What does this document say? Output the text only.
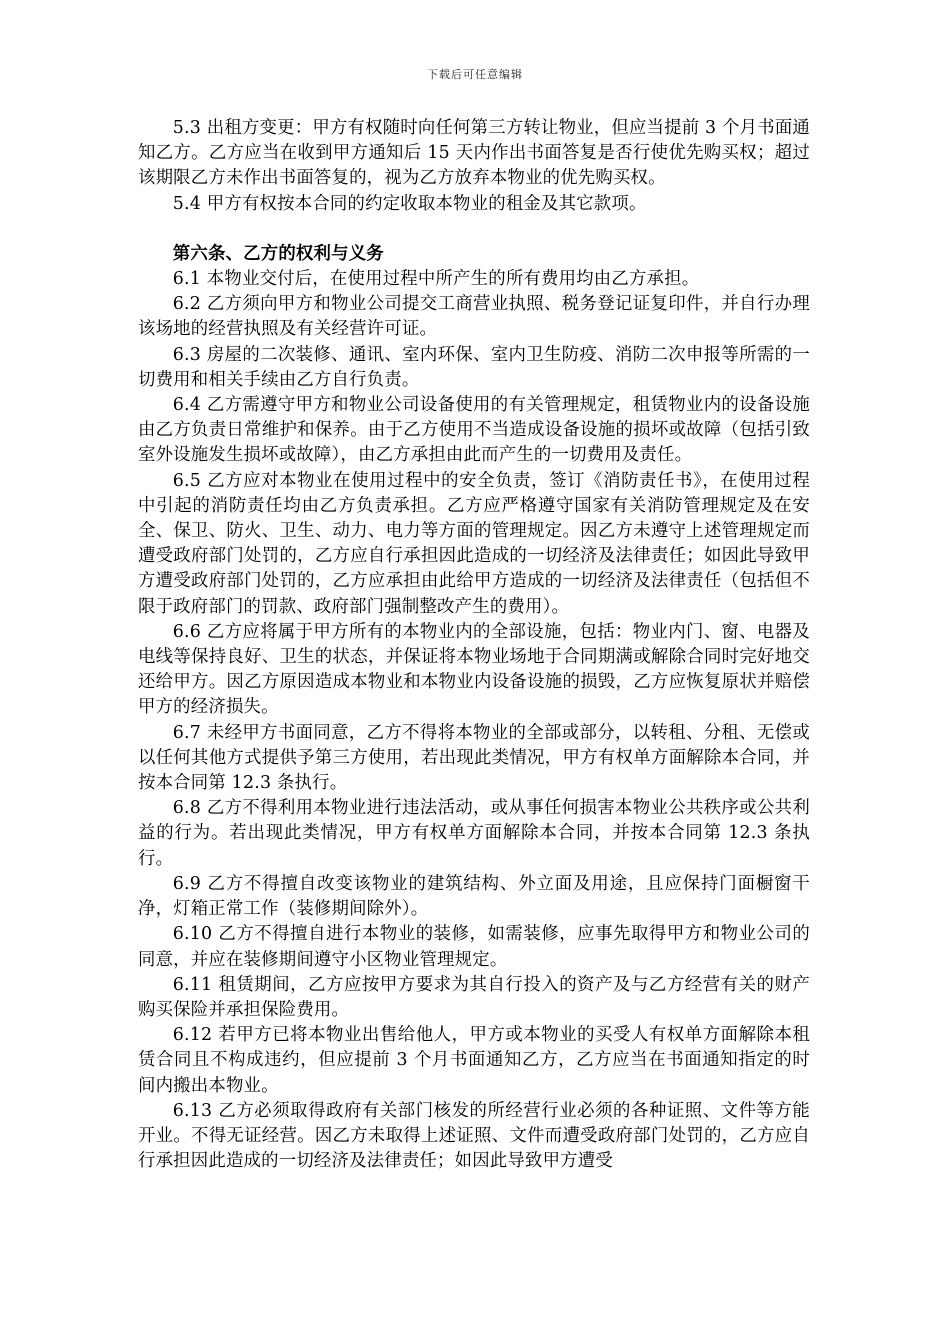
下载后可任意编辑

5.3 出租方变更：甲方有权随时向任何第三方转让物业，但应当提前 3 个月书面通知乙方。乙方应当在收到甲方通知后 15 天内作出书面答复是否行使优先购买权；超过该期限乙方未作出书面答复的，视为乙方放弃本物业的优先购买权。

5.4 甲方有权按本合同的约定收取本物业的租金及其它款项。

第六条、乙方的权利与义务

6.1 本物业交付后，在使用过程中所产生的所有费用均由乙方承担。

6.2 乙方须向甲方和物业公司提交工商营业执照、税务登记证复印件，并自行办理该场地的经营执照及有关经营许可证。

6.3 房屋的二次装修、通讯、室内环保、室内卫生防疫、消防二次申报等所需的一切费用和相关手续由乙方自行负责。

6.4 乙方需遵守甲方和物业公司设备使用的有关管理规定，租赁物业内的设备设施由乙方负责日常维护和保养。由于乙方使用不当造成设备设施的损坏或故障（包括引致室外设施发生损坏或故障），由乙方承担由此而产生的一切费用及责任。

6.5 乙方应对本物业在使用过程中的安全负责，签订《消防责任书》，在使用过程中引起的消防责任均由乙方负责承担。乙方应严格遵守国家有关消防管理规定及在安全、保卫、防火、卫生、动力、电力等方面的管理规定。因乙方未遵守上述管理规定而遭受政府部门处罚的，乙方应自行承担因此造成的一切经济及法律责任；如因此导致甲方遭受政府部门处罚的，乙方应承担由此给甲方造成的一切经济及法律责任（包括但不限于政府部门的罚款、政府部门强制整改产生的费用）。

6.6 乙方应将属于甲方所有的本物业内的全部设施，包括：物业内门、窗、电器及电线等保持良好、卫生的状态，并保证将本物业场地于合同期满或解除合同时完好地交还给甲方。因乙方原因造成本物业和本物业内设备设施的损毁，乙方应恢复原状并赔偿甲方的经济损失。

6.7 未经甲方书面同意，乙方不得将本物业的全部或部分，以转租、分租、无偿或以任何其他方式提供予第三方使用，若出现此类情况，甲方有权单方面解除本合同，并按本合同第 12.3 条执行。

6.8 乙方不得利用本物业进行违法活动，或从事任何损害本物业公共秩序或公共利益的行为。若出现此类情况，甲方有权单方面解除本合同，并按本合同第 12.3 条执行。

6.9 乙方不得擅自改变该物业的建筑结构、外立面及用途，且应保持门面橱窗干净，灯箱正常工作（装修期间除外）。

6.10 乙方不得擅自进行本物业的装修，如需装修，应事先取得甲方和物业公司的同意，并应在装修期间遵守小区物业管理规定。

6.11 租赁期间，乙方应按甲方要求为其自行投入的资产及与乙方经营有关的财产购买保险并承担保险费用。

6.12 若甲方已将本物业出售给他人，甲方或本物业的买受人有权单方面解除本租赁合同且不构成违约，但应提前 3 个月书面通知乙方，乙方应当在书面通知指定的时间内搬出本物业。

6.13 乙方必须取得政府有关部门核发的所经营行业必须的各种证照、文件等方能开业。不得无证经营。因乙方未取得上述证照、文件而遭受政府部门处罚的，乙方应自行承担因此造成的一切经济及法律责任；如因此导致甲方遭受
